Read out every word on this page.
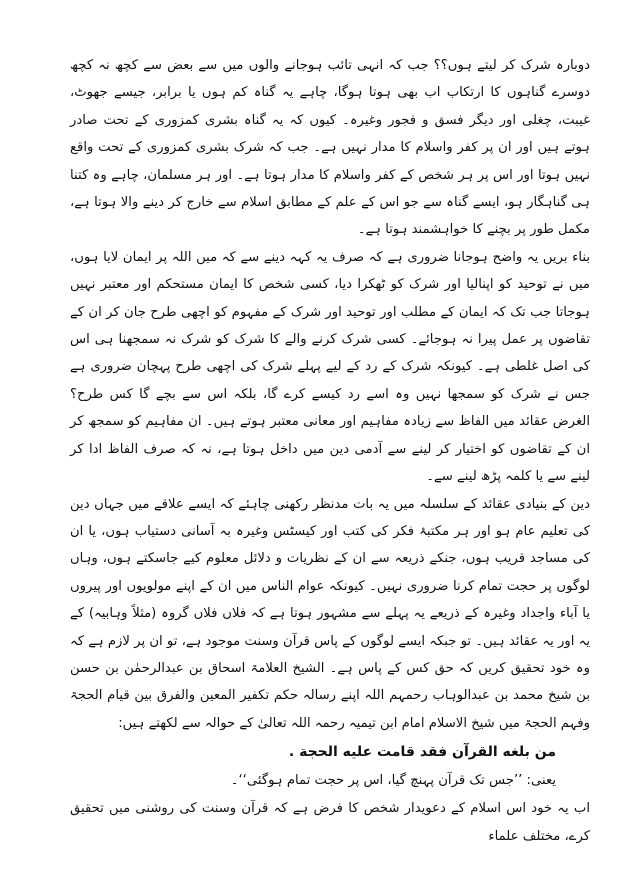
دوبارہ شرک کر لیتے ہوں؟؟ جب کہ انہی تائب ہوجانے والوں میں سے بعض سے کچھ نہ کچھ دوسرے گناہوں کا ارتکاب اب بھی ہوتا ہوگا، چاہے یہ گناہ کم ہوں یا برابر، جیسے جھوٹ، غیبت، چغلی اور دیگر فسق و فجور وغیرہ۔ کیوں کہ یہ گناہ بشری کمزوری کے تحت صادر ہوتے ہیں اور ان پر کفر واسلام کا مدار نہیں ہے۔ جب کہ شرک بشری کمزوری کے تحت واقع نہیں ہوتا اور اس پر ہر شخص کے کفر واسلام کا مدار ہوتا ہے۔ اور ہر مسلمان، چاہے وہ کتنا ہی گناہگار ہو، ایسے گناہ سے جو اس کے علم کے مطابق اسلام سے خارج کر دینے والا ہوتا ہے، مکمل طور پر بچنے کا خواہشمند ہوتا ہے۔

بناء بریں یہ واضح ہوجانا ضروری ہے کہ صرف یہ کہہ دینے سے کہ میں اللہ پر ایمان لایا ہوں، میں نے توحید کو اپنالیا اور شرک کو ٹھکرا دیا، کسی شخص کا ایمان مستحکم اور معتبر نہیں ہوجاتا جب تک کہ ایمان کے مطلب اور توحید اور شرک کے مفہوم کو اچھی طرح جان کر ان کے تقاضوں پر عمل پیرا نہ ہوجائے۔ کسی شرک کرنے والے کا شرک کو شرک نہ سمجھنا ہی اس کی اصل غلطی ہے۔ کیونکہ شرک کے رد کے لیے پہلے شرک کی اچھی طرح پہچان ضروری ہے جس نے شرک کو سمجھا نہیں وہ اسے رد کیسے کرے گا، بلکہ اس سے بچے گا کس طرح؟ الغرض عقائد میں الفاظ سے زیادہ مفاہیم اور معانی معتبر ہوتے ہیں۔ ان مفاہیم کو سمجھ کر ان کے تقاضوں کو اختیار کر لینے سے آدمی دین میں داخل ہوتا ہے، نہ کہ صرف الفاظ ادا کر لینے سے یا کلمہ پڑھ لینے سے۔

دین کے بنیادی عقائد کے سلسلہ میں یہ بات مدنظر رکھنی چاہئے کہ ایسے علاقے میں جہاں دین کی تعلیم عام ہو اور ہر مکتبۂ فکر کی کتب اور کیسٹس وغیرہ بہ آسانی دستیاب ہوں، یا ان کی مساجد قریب ہوں، جنکے ذریعہ سے ان کے نظریات و دلائل معلوم کیے جاسکتے ہوں، وہاں لوگوں پر حجت تمام کرنا ضروری نہیں۔ کیونکہ عوام الناس میں ان کے اپنے مولویوں اور پیروں یا آباء واجداد وغیرہ کے ذریعے یہ پہلے سے مشہور ہوتا ہے کہ فلاں فلاں گروہ (مثلاً وہابیہ) کے یہ اور یہ عقائد ہیں۔ تو جبکہ ایسے لوگوں کے پاس قرآن وسنت موجود ہے، تو ان پر لازم ہے کہ وہ خود تحقیق کریں کہ حق کس کے پاس ہے۔ الشیخ العلامۃ اسحاق بن عبدالرحمٰن بن حسن بن شیخ محمد بن عبدالوہاب رحمہم اللہ اپنے رسالہ حکم تکفیر المعین والفرق بین قیام الحجۃ وفہم الحجۃ میں شیخ الاسلام امام ابن تیمیہ رحمہ اللہ تعالیٰ کے حوالہ سے لکھتے ہیں:

من بلغه القرآن فقد قامت عليه الحجة .

یعنی: ’’جس تک قرآن پہنچ گیا، اس پر حجت تمام ہوگئی‘‘۔

اب یہ خود اس اسلام کے دعویدار شخص کا فرض ہے کہ قرآن وسنت کی روشنی میں تحقیق کرے، مختلف علماء
